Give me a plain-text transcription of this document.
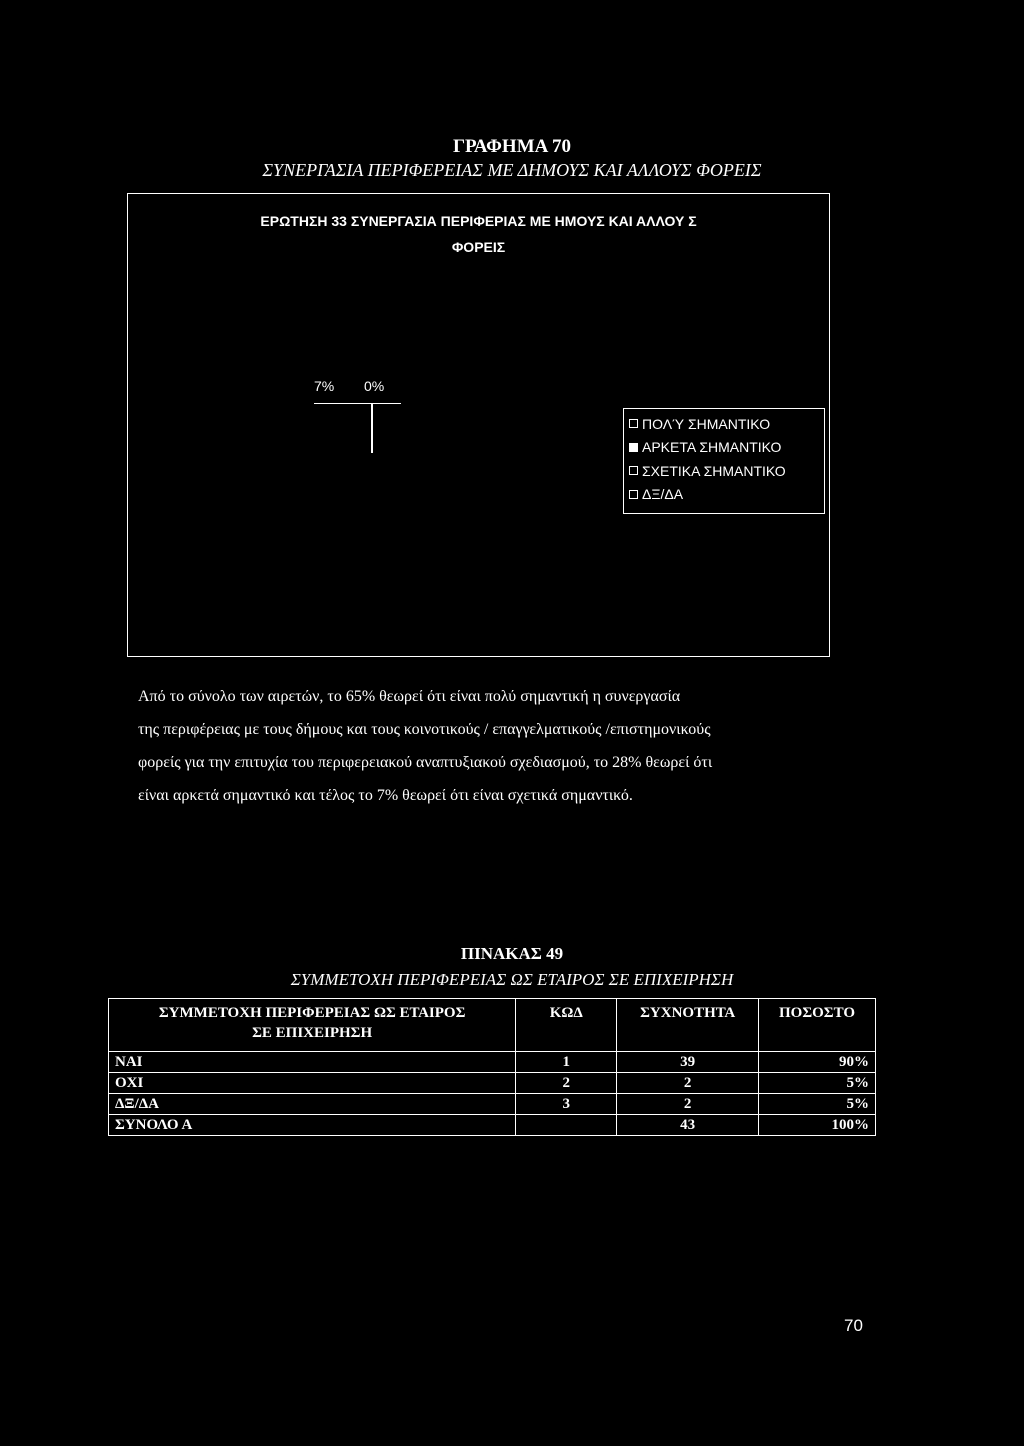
ΓΡΑΦΗΜΑ 70
ΣΥΝΕΡΓΑΣΙΑ ΠΕΡΙΦΕΡΕΙΑΣ ΜΕ ΔΗΜΟΥΣ ΚΑΙ ΑΛΛΟΥΣ ΦΟΡΕΙΣ
ΕΡΩΤΗΣΗ 33 ΣΥΝΕΡΓΑΣΙΑ ΠΕΡΙΦΕΡΙΑΣ ΜΕ ΗΜΟΥΣ ΚΑΙ ΑΛΛΟΥ Σ
ΦΟΡΕΙΣ
7% 0%
ΠΟΛΎ ΣΗΜΑΝΤΙΚΟ
ΑΡΚΕΤΑ ΣΗΜΑΝΤΙΚΟ
ΣΧΕΤΙΚΑ ΣΗΜΑΝΤΙΚΟ
ΔΞ/ΔΑ
Από το σύνολο των αιρετών, το 65% θεωρεί ότι είναι πολύ σημαντική η συνεργασία
της περιφέρειας με τους δήμους και τους κοινοτικούς / επαγγελματικούς /επιστημονικούς
φορείς για την επιτυχία του περιφερειακού αναπτυξιακού σχεδιασμού, το 28% θεωρεί ότι
είναι αρκετά σημαντικό και τέλος το 7% θεωρεί ότι είναι σχετικά σημαντικό.
ΠΙΝΑΚΑΣ 49
ΣΥΜΜΕΤΟΧΗ ΠΕΡΙΦΕΡΕΙΑΣ ΩΣ ΕΤΑΙΡΟΣ ΣΕ ΕΠΙΧΕΙΡΗΣΗ
ΣΥΜΜΕΤΟΧΗ ΠΕΡΙΦΕΡΕΙΑΣ ΩΣ ΕΤΑΙΡΟΣ
ΣΕ ΕΠΙΧΕΙΡΗΣΗ	ΚΩΔ	ΣΥΧΝΟΤΗΤΑ	ΠΟΣΟΣΤΟ
ΝΑΙ	1	39	90%
ΟΧΙ	2	2	5%
ΔΞ/ΔΑ	3	2	5%
ΣΥΝΟΛΟ Α		43	100%
70
